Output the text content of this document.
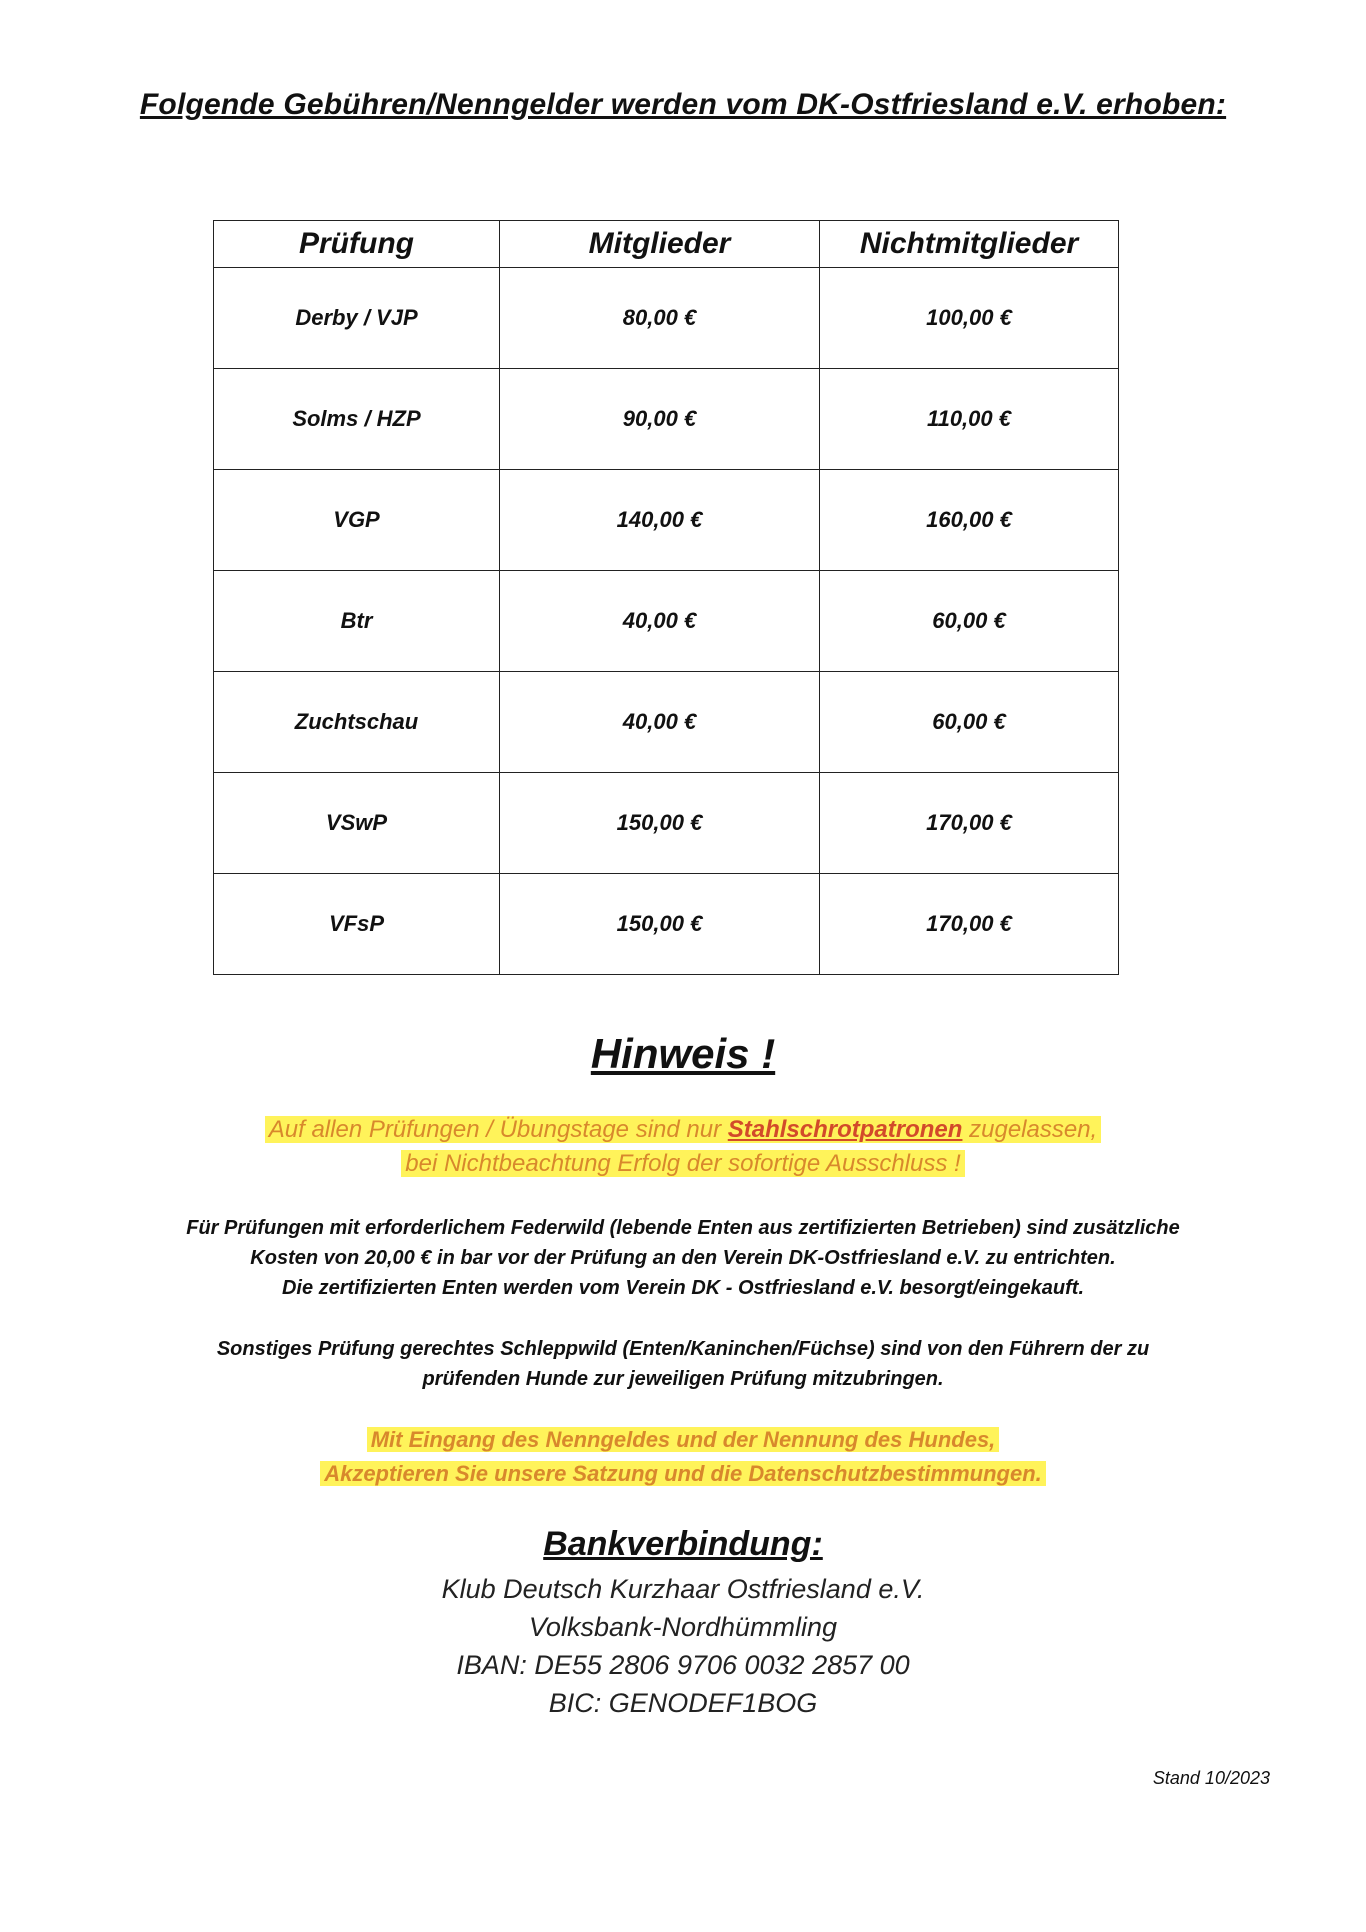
Folgende Gebühren/Nenngelder werden vom DK-Ostfriesland e.V. erhoben:
Prüfung	Mitglieder	Nichtmitglieder
Derby / VJP	80,00 €	100,00 €
Solms / HZP	90,00 €	110,00 €
VGP	140,00 €	160,00 €
Btr	40,00 €	60,00 €
Zuchtschau	40,00 €	60,00 €
VSwP	150,00 €	170,00 €
VFsP	150,00 €	170,00 €
Hinweis !
Auf allen Prüfungen / Übungstage sind nur Stahlschrotpatronen zugelassen,
bei Nichtbeachtung Erfolg der sofortige Ausschluss !
Für Prüfungen mit erforderlichem Federwild (lebende Enten aus zertifizierten Betrieben) sind zusätzliche
Kosten von 20,00 € in bar vor der Prüfung an den Verein DK-Ostfriesland e.V. zu entrichten.
Die zertifizierten Enten werden vom Verein DK - Ostfriesland e.V. besorgt/eingekauft.
Sonstiges Prüfung gerechtes Schleppwild (Enten/Kaninchen/Füchse) sind von den Führern der zu
prüfenden Hunde zur jeweiligen Prüfung mitzubringen.
Mit Eingang des Nenngeldes und der Nennung des Hundes,
Akzeptieren Sie unsere Satzung und die Datenschutzbestimmungen.
Bankverbindung:
Klub Deutsch Kurzhaar Ostfriesland e.V.
Volksbank-Nordhümmling
IBAN: DE55 2806 9706 0032 2857 00
BIC: GENODEF1BOG
Stand 10/2023
